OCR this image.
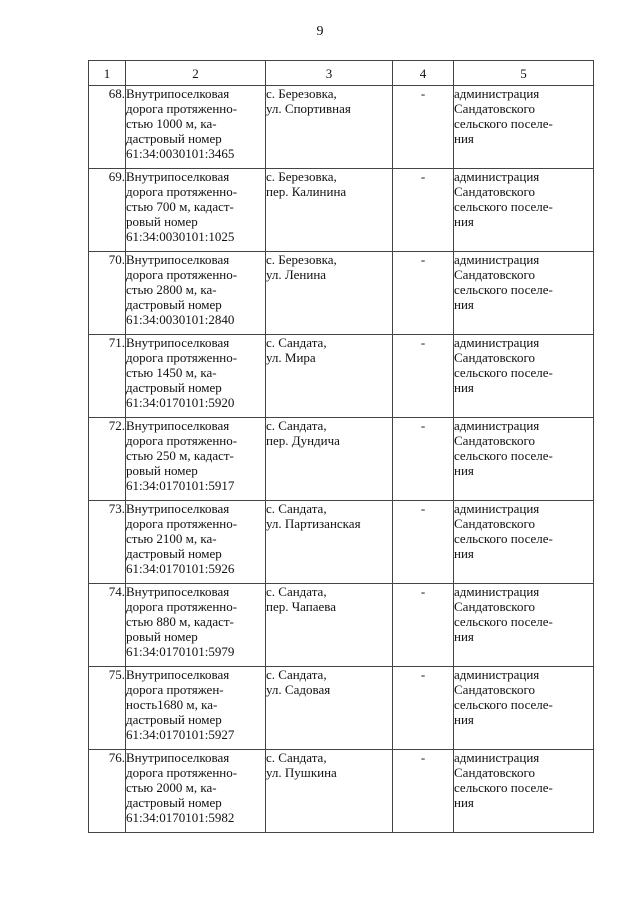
9
1	2	3	4	5
68.	Внутрипоселковая
дорога протяженно-
стью 1000 м, ка-
дастровый номер
61:34:0030101:3465	с. Березовка,
ул. Спортивная	-	администрация
Сандатовского
сельского поселе-
ния
69.	Внутрипоселковая
дорога протяженно-
стью 700 м, кадаст-
ровый номер
61:34:0030101:1025	с. Березовка,
пер. Калинина	-	администрация
Сандатовского
сельского поселе-
ния
70.	Внутрипоселковая
дорога протяженно-
стью 2800 м, ка-
дастровый номер
61:34:0030101:2840	с. Березовка,
ул. Ленина	-	администрация
Сандатовского
сельского поселе-
ния
71.	Внутрипоселковая
дорога протяженно-
стью 1450 м, ка-
дастровый номер
61:34:0170101:5920	с. Сандата,
ул. Мира	-	администрация
Сандатовского
сельского поселе-
ния
72.	Внутрипоселковая
дорога протяженно-
стью 250 м, кадаст-
ровый номер
61:34:0170101:5917	с. Сандата,
пер. Дундича	-	администрация
Сандатовского
сельского поселе-
ния
73.	Внутрипоселковая
дорога протяженно-
стью 2100 м, ка-
дастровый номер
61:34:0170101:5926	с. Сандата,
ул. Партизанская	-	администрация
Сандатовского
сельского поселе-
ния
74.	Внутрипоселковая
дорога протяженно-
стью 880 м, кадаст-
ровый номер
61:34:0170101:5979	с. Сандата,
пер. Чапаева	-	администрация
Сандатовского
сельского поселе-
ния
75.	Внутрипоселковая
дорога протяжен-
ность1680 м, ка-
дастровый номер
61:34:0170101:5927	с. Сандата,
ул. Садовая	-	администрация
Сандатовского
сельского поселе-
ния
76.	Внутрипоселковая
дорога протяженно-
стью 2000 м, ка-
дастровый номер
61:34:0170101:5982	с. Сандата,
ул. Пушкина	-	администрация
Сандатовского
сельского поселе-
ния
